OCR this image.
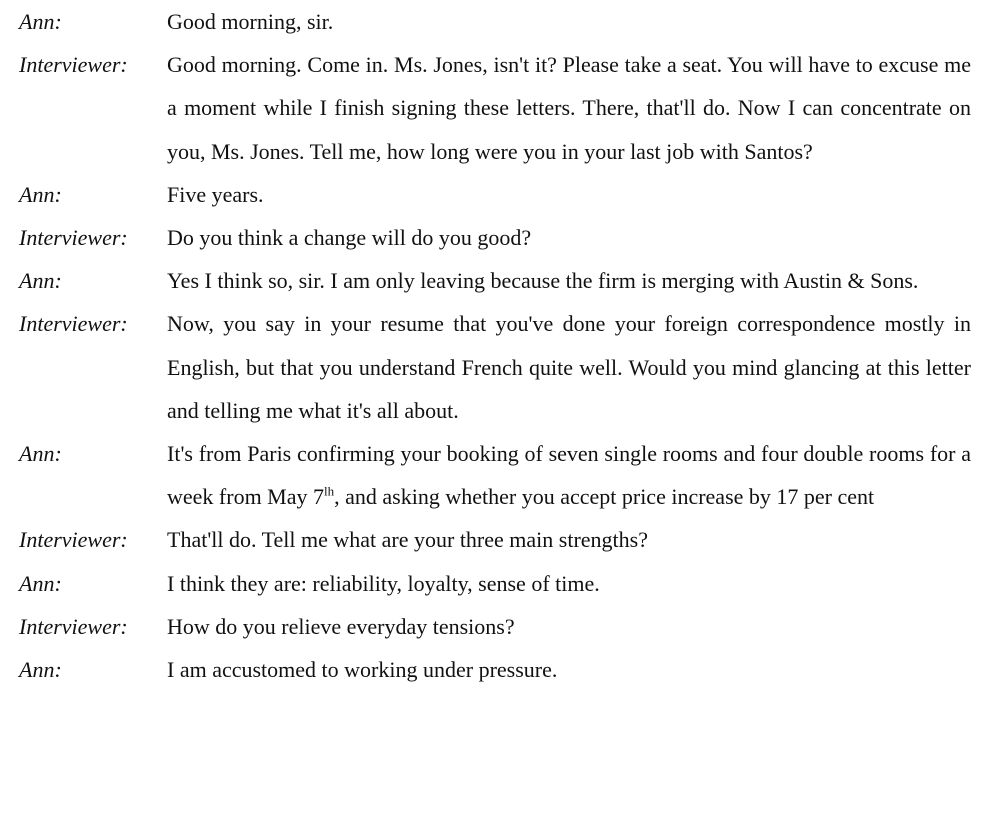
Ann:	Good morning, sir.
Interviewer: Good morning. Come in. Ms. Jones, isn't it? Please take a seat. You will have to excuse me a moment while I finish signing these letters. There, that'll do. Now I can concentrate on you, Ms. Jones. Tell me, how long were you in your last job with Santos?
Ann:	Five years.
Interviewer: Do you think a change will do you good?
Ann:	Yes I think so, sir. I am only leaving because the firm is merging with Austin & Sons.
Interviewer: Now, you say in your resume that you've done your foreign correspondence mostly in English, but that you understand French quite well. Would you mind glancing at this letter and telling me what it's all about.
Ann:	It's from Paris confirming your booking of seven single rooms and four double rooms for a week from May $7^{lh}$, and asking whether you accept price increase by 17 per cent
Interviewer: That'll do. Tell me what are your three main strengths?
Ann:	I think they are: reliability, loyalty, sense of time.
Interviewer: How do you relieve everyday tensions?
Ann:	I am accustomed to working under pressure.
